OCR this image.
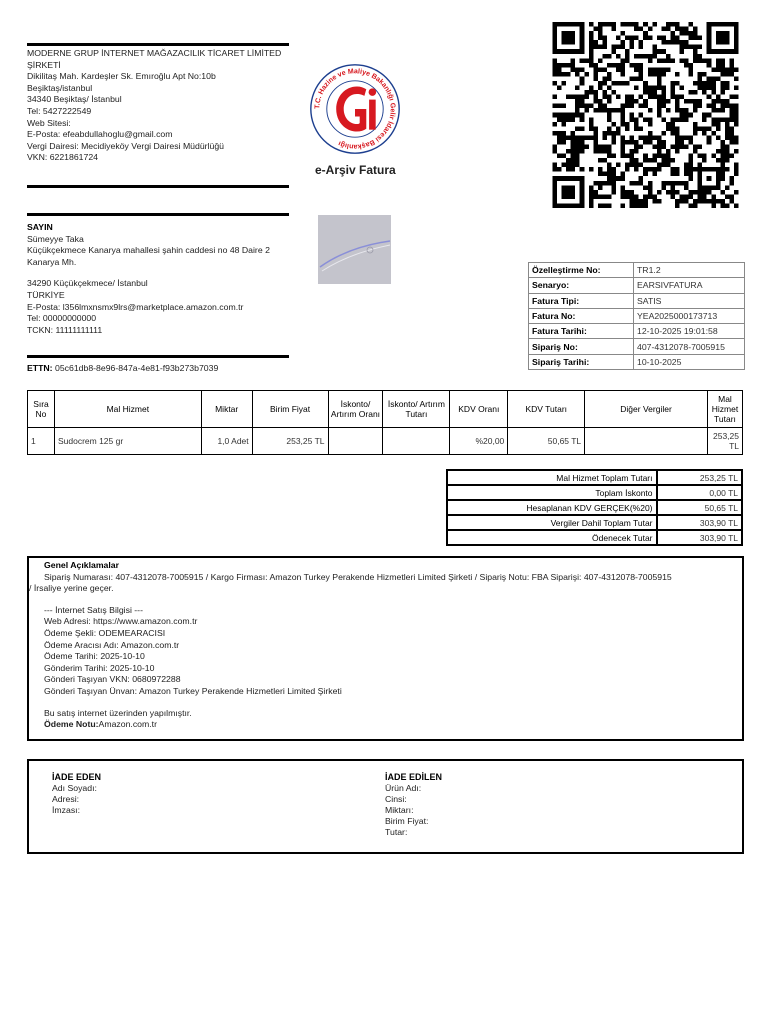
MODERNE GRUP İNTERNET MAĞAZACILIK TİCARET LİMİTED ŞİRKETİ
Dikilitaş Mah. Kardeşler Sk. Emıroğlu Apt No:10b
Beşiktaş/istanbul
34340 Beşiktaş/ İstanbul
Tel: 5427222549
Web Sitesi:
E-Posta: efeabdullahoglu@gmail.com
Vergi Dairesi: Mecidiyeköy Vergi Dairesi Müdürlüğü
VKN: 6221861724
T.C. Hazine ve Maliye Bakanlığı Gelir İdaresi Başkanlığı
e-Arşiv Fatura
SAYIN
Sümeyye Taka
Küçükçekmece Kanarya mahallesi şahin caddesi no 48 Daire 2 Kanarya Mh.
34290 Küçükçekmece/ İstanbul
TÜRKİYE
E-Posta: l356lmxnsmx9lrs@marketplace.amazon.com.tr
Tel: 00000000000
TCKN: 11111111111
Özelleştirme No:	TR1.2
Senaryo:	EARSIVFATURA
Fatura Tipi:	SATIS
Fatura No:	YEA2025000173713
Fatura Tarihi:	12-10-2025 19:01:58
Sipariş No:	407-4312078-7005915
Sipariş Tarihi:	10-10-2025
ETTN: 05c61db8-8e96-847a-4e81-f93b273b7039
Sıra No	Mal Hizmet	Miktar	Birim Fiyat	İskonto/ Artırım Oranı	İskonto/ Artırım Tutarı	KDV Oranı	KDV Tutarı	Diğer Vergiler	Mal Hizmet Tutarı
1	Sudocrem 125 gr	1,0 Adet	253,25 TL			%20,00	50,65 TL		253,25 TL
Mal Hizmet Toplam Tutarı	253,25 TL
Toplam İskonto	0,00 TL
Hesaplanan KDV GERÇEK(%20)	50,65 TL
Vergiler Dahil Toplam Tutar	303,90 TL
Ödenecek Tutar	303,90 TL
Genel Açıklamalar
Sipariş Numarası: 407-4312078-7005915 / Kargo Firması: Amazon Turkey Perakende Hizmetleri Limited Şirketi / Sipariş Notu: FBA Siparişi: 407-4312078-7005915
/ İrsaliye yerine geçer.
--- İnternet Satış Bilgisi ---
Web Adresi: https://www.amazon.com.tr
Ödeme Şekli: ODEMEARACISI
Ödeme Aracısı Adı: Amazon.com.tr
Ödeme Tarihi: 2025-10-10
Gönderim Tarihi: 2025-10-10
Gönderi Taşıyan VKN: 0680972288
Gönderi Taşıyan Ünvan: Amazon Turkey Perakende Hizmetleri Limited Şirketi
Bu satış internet üzerinden yapılmıştır.
Ödeme Notu:Amazon.com.tr
İADE EDEN
Adı Soyadı:
Adresi:
İmzası:
İADE EDİLEN
Ürün Adı:
Cinsi:
Miktarı:
Birim Fiyat:
Tutar:
